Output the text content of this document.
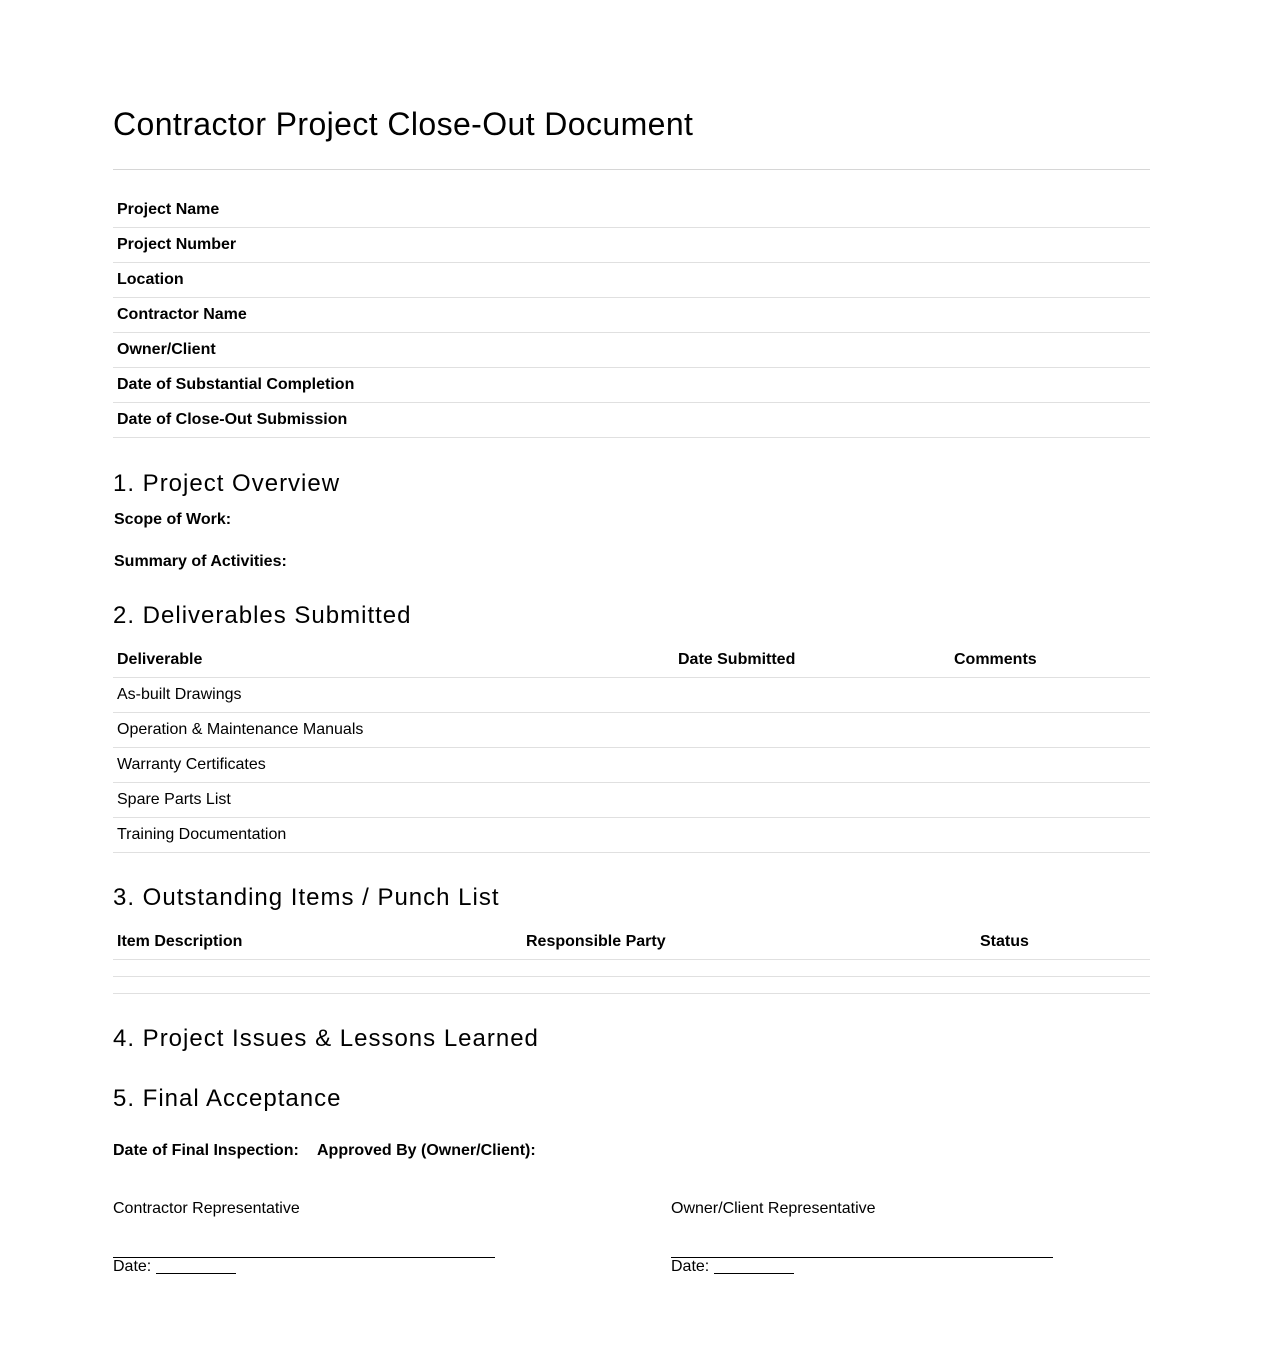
Contractor Project Close-Out Document
Project Name
Project Number
Location
Contractor Name
Owner/Client
Date of Substantial Completion
Date of Close-Out Submission
1. Project Overview
Scope of Work:
Summary of Activities:
2. Deliverables Submitted
Deliverable	Date Submitted	Comments
As-built Drawings
Operation & Maintenance Manuals
Warranty Certificates
Spare Parts List
Training Documentation
3. Outstanding Items / Punch List
Item Description	Responsible Party	Status
4. Project Issues & Lessons Learned
5. Final Acceptance
Date of Final Inspection: Approved By (Owner/Client):
Contractor Representative
Date:
Owner/Client Representative
Date:
